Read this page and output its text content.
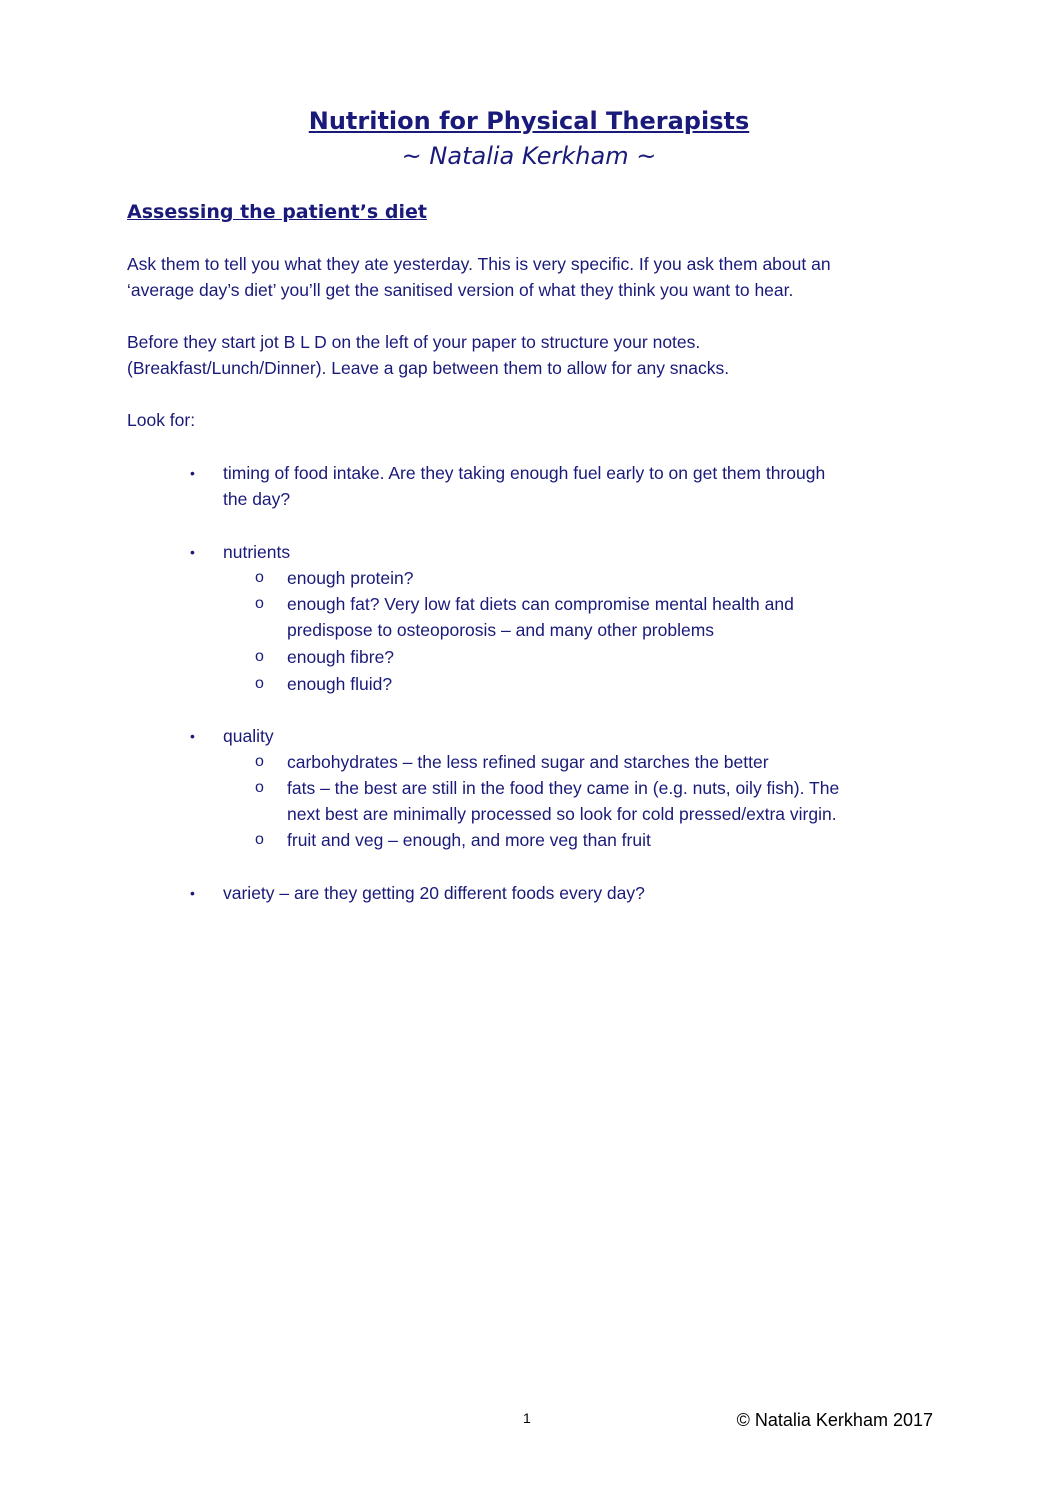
Nutrition for Physical Therapists
~ Natalia Kerkham ~
Assessing the patient’s diet

Ask them to tell you what they ate yesterday. This is very specific. If you ask them about an
‘average day’s diet’ you’ll get the sanitised version of what they think you want to hear.

Before they start jot B L D on the left of your paper to structure your notes.
(Breakfast/Lunch/Dinner). Leave a gap between them to allow for any snacks.

Look for:

• timing of food intake. Are they taking enough fuel early to on get them through
the day?
• nutrients
o enough protein?
o enough fat? Very low fat diets can compromise mental health and
predispose to osteoporosis – and many other problems
o enough fibre?
o enough fluid?
• quality
o carbohydrates – the less refined sugar and starches the better
o fats – the best are still in the food they came in (e.g. nuts, oily fish). The
next best are minimally processed so look for cold pressed/extra virgin.
o fruit and veg – enough, and more veg than fruit
• variety – are they getting 20 different foods every day?
1	© Natalia Kerkham 2017
